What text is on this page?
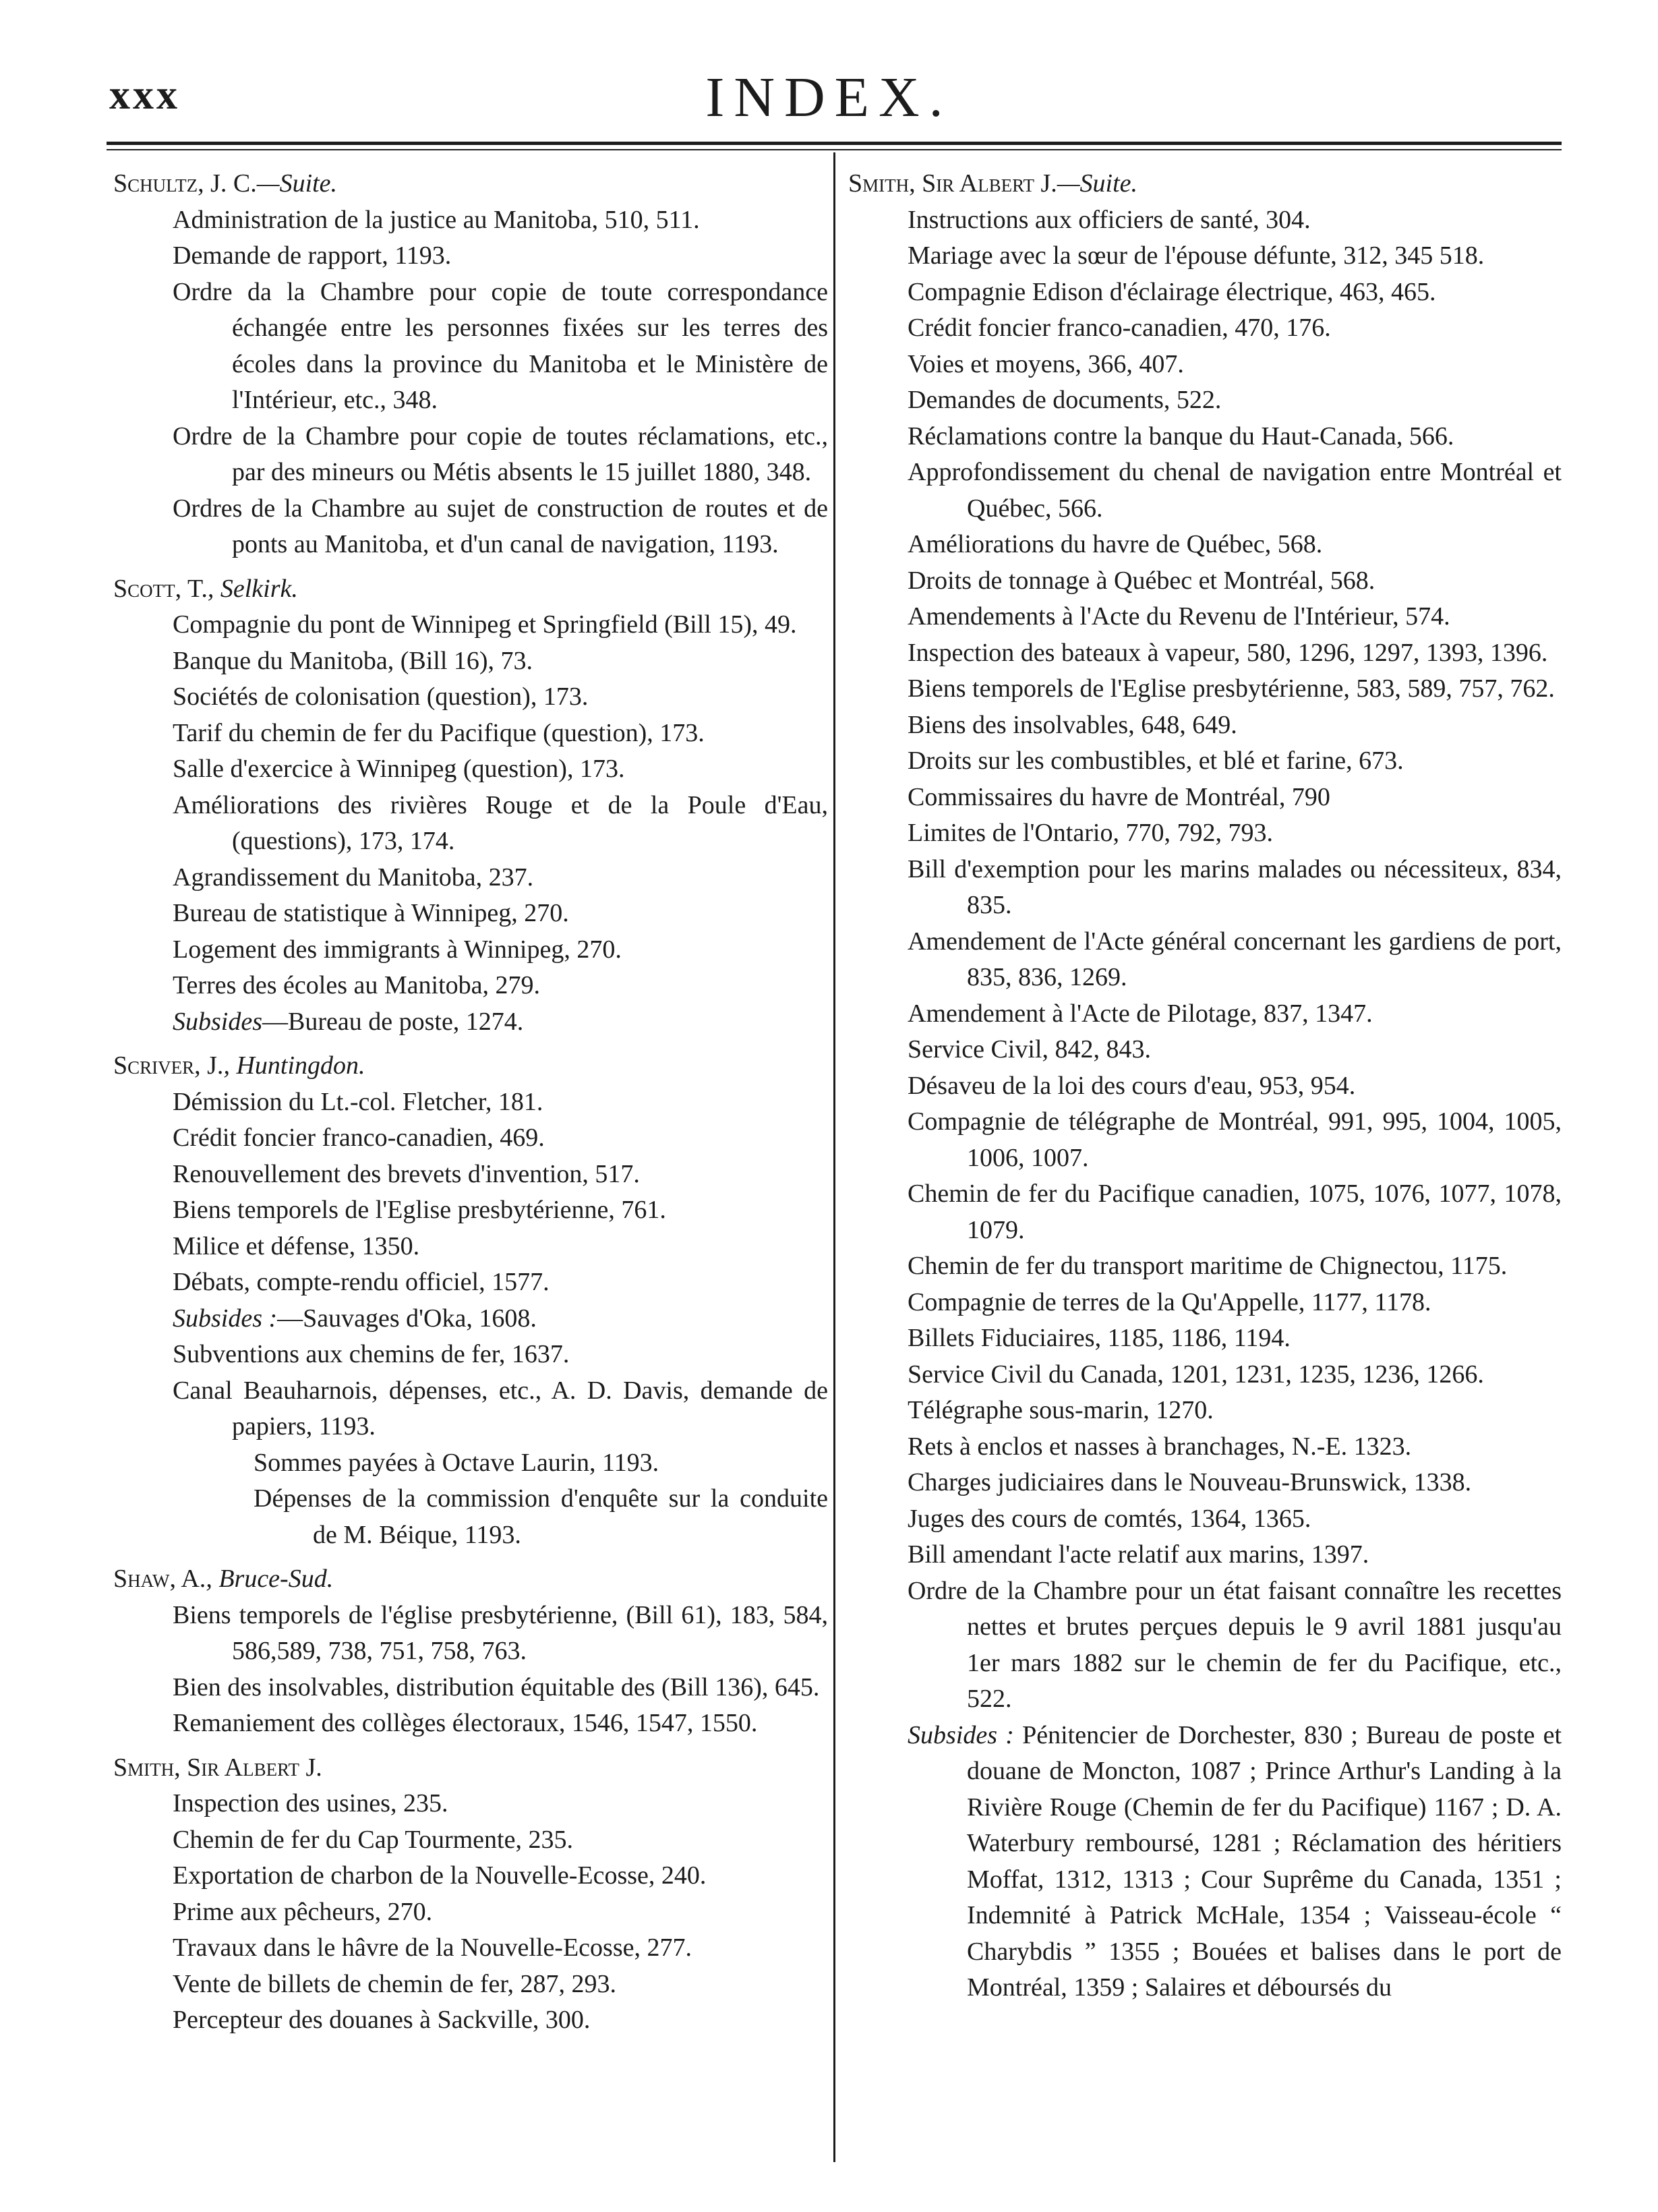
xxx	INDEX.
Schultz, J. C.—Suite.
Administration de la justice au Manitoba, 510, 511.
Demande de rapport, 1193.
Ordre da la Chambre pour copie de toute correspondance échangée entre les personnes fixées sur les terres des écoles dans la province du Manitoba et le Ministère de l'Intérieur, etc., 348.
Ordre de la Chambre pour copie de toutes réclamations, etc., par des mineurs ou Métis absents le 15 juillet 1880, 348.
Ordres de la Chambre au sujet de construction de routes et de ponts au Manitoba, et d'un canal de navigation, 1193.
Scott, T., Selkirk.
Compagnie du pont de Winnipeg et Springfield (Bill 15), 49.
Banque du Manitoba, (Bill 16), 73.
Sociétés de colonisation (question), 173.
Tarif du chemin de fer du Pacifique (question), 173.
Salle d'exercice à Winnipeg (question), 173.
Améliorations des rivières Rouge et de la Poule d'Eau, (questions), 173, 174.
Agrandissement du Manitoba, 237.
Bureau de statistique à Winnipeg, 270.
Logement des immigrants à Winnipeg, 270.
Terres des écoles au Manitoba, 279.
Subsides—Bureau de poste, 1274.
Scriver, J., Huntingdon.
Démission du Lt.-col. Fletcher, 181.
Crédit foncier franco-canadien, 469.
Renouvellement des brevets d'invention, 517.
Biens temporels de l'Eglise presbytérienne, 761.
Milice et défense, 1350.
Débats, compte-rendu officiel, 1577.
Subsides :—Sauvages d'Oka, 1608.
Subventions aux chemins de fer, 1637.
Canal Beauharnois, dépenses, etc., A. D. Davis, demande de papiers, 1193.
Sommes payées à Octave Laurin, 1193.
Dépenses de la commission d'enquête sur la conduite de M. Béique, 1193.
Shaw, A., Bruce-Sud.
Biens temporels de l'église presbytérienne, (Bill 61), 183, 584, 586,589, 738, 751, 758, 763.
Bien des insolvables, distribution équitable des (Bill 136), 645.
Remaniement des collèges électoraux, 1546, 1547, 1550.
Smith, Sir Albert J.
Inspection des usines, 235.
Chemin de fer du Cap Tourmente, 235.
Exportation de charbon de la Nouvelle-Ecosse, 240.
Prime aux pêcheurs, 270.
Travaux dans le hâvre de la Nouvelle-Ecosse, 277.
Vente de billets de chemin de fer, 287, 293.
Percepteur des douanes à Sackville, 300.
Smith, Sir Albert J.—Suite.
Instructions aux officiers de santé, 304.
Mariage avec la sœur de l'épouse défunte, 312, 345 518.
Compagnie Edison d'éclairage électrique, 463, 465.
Crédit foncier franco-canadien, 470, 176.
Voies et moyens, 366, 407.
Demandes de documents, 522.
Réclamations contre la banque du Haut-Canada, 566.
Approfondissement du chenal de navigation entre Montréal et Québec, 566.
Améliorations du havre de Québec, 568.
Droits de tonnage à Québec et Montréal, 568.
Amendements à l'Acte du Revenu de l'Intérieur, 574.
Inspection des bateaux à vapeur, 580, 1296, 1297, 1393, 1396.
Biens temporels de l'Eglise presbytérienne, 583, 589, 757, 762.
Biens des insolvables, 648, 649.
Droits sur les combustibles, et blé et farine, 673.
Commissaires du havre de Montréal, 790
Limites de l'Ontario, 770, 792, 793.
Bill d'exemption pour les marins malades ou nécessiteux, 834, 835.
Amendement de l'Acte général concernant les gardiens de port, 835, 836, 1269.
Amendement à l'Acte de Pilotage, 837, 1347.
Service Civil, 842, 843.
Désaveu de la loi des cours d'eau, 953, 954.
Compagnie de télégraphe de Montréal, 991, 995, 1004, 1005, 1006, 1007.
Chemin de fer du Pacifique canadien, 1075, 1076, 1077, 1078, 1079.
Chemin de fer du transport maritime de Chignectou, 1175.
Compagnie de terres de la Qu'Appelle, 1177, 1178.
Billets Fiduciaires, 1185, 1186, 1194.
Service Civil du Canada, 1201, 1231, 1235, 1236, 1266.
Télégraphe sous-marin, 1270.
Rets à enclos et nasses à branchages, N.-E. 1323.
Charges judiciaires dans le Nouveau-Brunswick, 1338.
Juges des cours de comtés, 1364, 1365.
Bill amendant l'acte relatif aux marins, 1397.
Ordre de la Chambre pour un état faisant connaître les recettes nettes et brutes perçues depuis le 9 avril 1881 jusqu'au 1er mars 1882 sur le chemin de fer du Pacifique, etc., 522.
Subsides : Pénitencier de Dorchester, 830 ; Bureau de poste et douane de Moncton, 1087 ; Prince Arthur's Landing à la Rivière Rouge (Chemin de fer du Pacifique) 1167 ; D. A. Waterbury remboursé, 1281 ; Réclamation des héritiers Moffat, 1312, 1313 ; Cour Suprême du Canada, 1351 ; Indemnité à Patrick McHale, 1354 ; Vaisseau-école “ Charybdis ” 1355 ; Bouées et balises dans le port de Montréal, 1359 ; Salaires et déboursés du
